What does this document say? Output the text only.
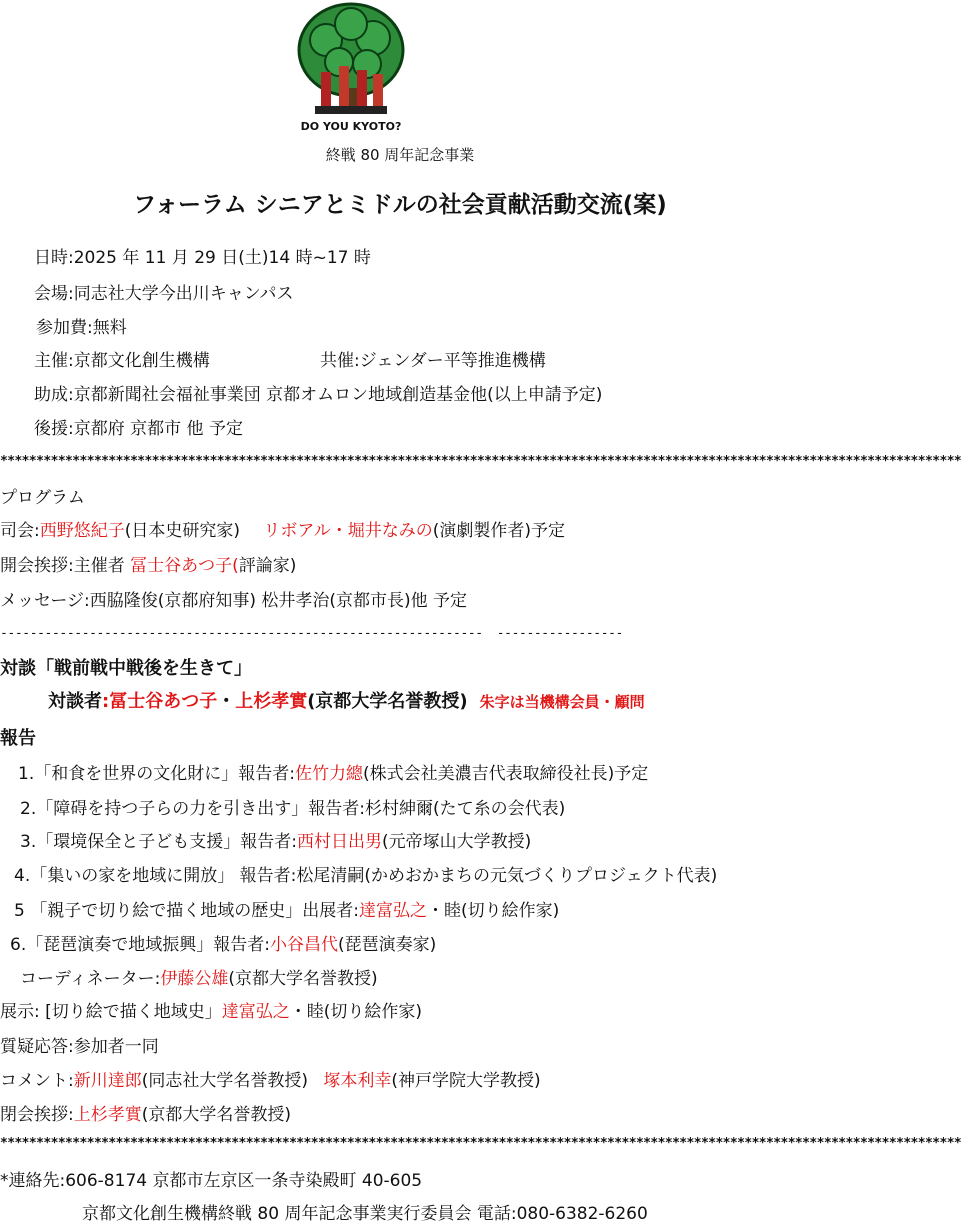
DO YOU KYOTO?
終戦 80 周年記念事業
フォーラム シニアとミドルの社会貢献活動交流(案)
日時:2025 年 11 月 29 日(土)14 時~17 時
会場:同志社大学今出川キャンパス
参加費:無料
主催:京都文化創生機構	共催:ジェンダー平等推進機構
助成:京都新聞社会福祉事業団 京都オムロン地域創造基金他(以上申請予定)
後援:京都府 京都市 他 予定
*************************************************************************************************************************************
プログラム
司会:西野悠紀子(日本史研究家) リボアル・堀井なみの(演劇製作者)予定
開会挨拶:主催者 冨士谷あつ子(評論家)
メッセージ:西脇隆俊(京都府知事) 松井孝治(京都市長)他 予定
----------------------------------------------------------------- -----------------
対談「戦前戦中戦後を生きて」
対談者:冨士谷あつ子・上杉孝實(京都大学名誉教授) 朱字は当機構会員・顧問
報告
1.「和食を世界の文化財に」報告者:佐竹力總(株式会社美濃吉代表取締役社長)予定
2.「障碍を持つ子らの力を引き出す」報告者:杉村紳爾(たて糸の会代表)
3.「環境保全と子ども支援」報告者:西村日出男(元帝塚山大学教授)
4.「集いの家を地域に開放」 報告者:松尾清嗣(かめおかまちの元気づくりプロジェクト代表)
5 「親子で切り絵で描く地域の歴史」出展者:達富弘之・睦(切り絵作家)
6.「琵琶演奏で地域振興」報告者:小谷昌代(琵琶演奏家)
コーディネーター:伊藤公雄(京都大学名誉教授)
展示: [切り絵で描く地域史」達富弘之・睦(切り絵作家)
質疑応答:参加者一同
コメント:新川達郎(同志社大学名誉教授) 塚本利幸(神戸学院大学教授)
閉会挨拶:上杉孝實(京都大学名誉教授)
*************************************************************************************************************************************
*連絡先:606-8174 京都市左京区一条寺染殿町 40-605
京都文化創生機構終戦 80 周年記念事業実行委員会 電話:080-6382-6260
